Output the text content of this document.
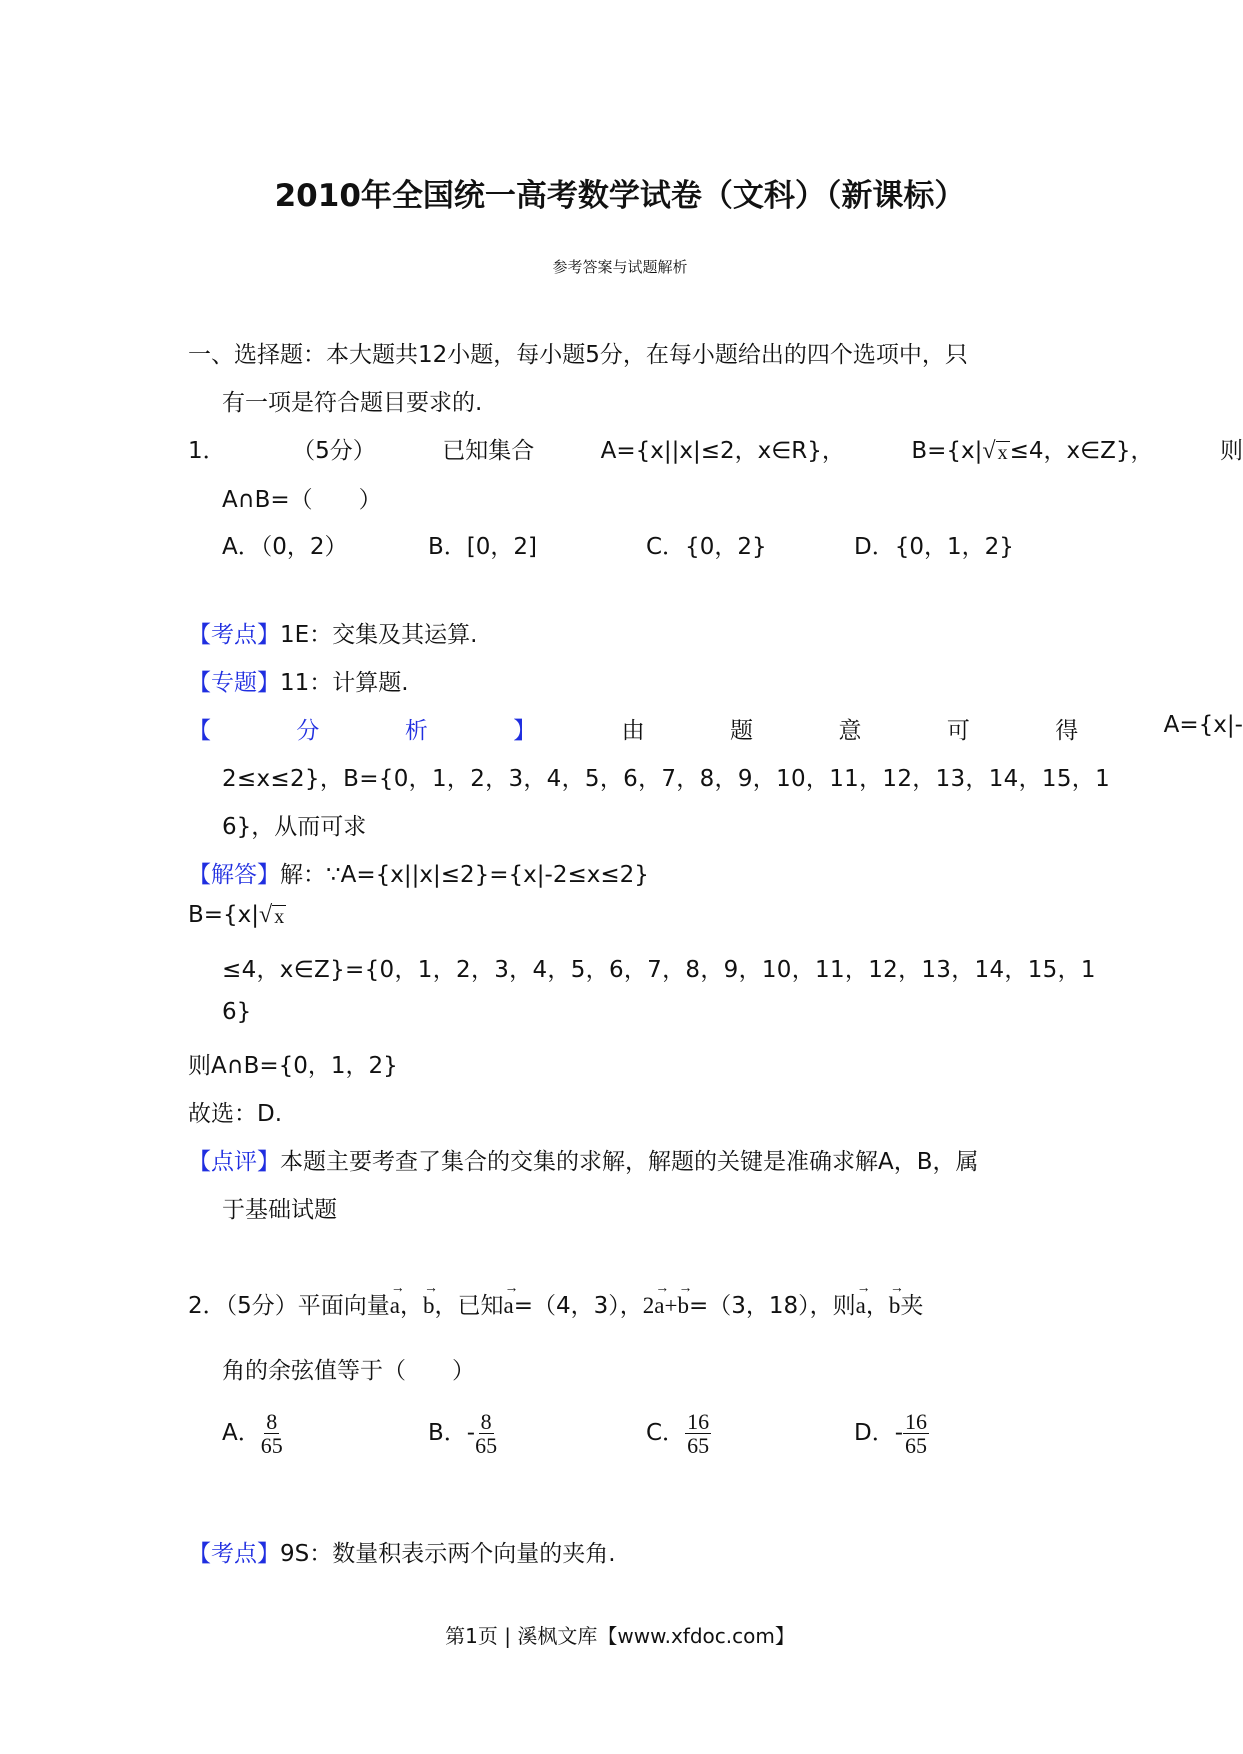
2010年全国统一高考数学试卷（文科）（新课标）
参考答案与试题解析
一、选择题：本大题共12小题，每小题5分，在每小题给出的四个选项中，只
有一项是符合题目要求的.
1．	（5分）	已知集合	A={x||x|≤2，x∈R}，	B={x| √ x ≤4，x∈Z}，	则
A∩B=（　　）
A．（0，2）	B．[0，2]	C．{0，2}	D．{0，1，2}
【考点】1E：交集及其运算.
【专题】11：计算题.
【	分	析	】	由	题	意	可	得	A={x|-
2≤x≤2}，B={0，1，2，3，4，5，6，7，8，9，10，11，12，13，14，15，1
6}，从而可求
【解答】解：∵A={x||x|≤2}={x|-2≤x≤2}
B={x| √ x
≤4，x∈Z}={0，1，2，3，4，5，6，7，8，9，10，11，12，13，14，15，1
6}
则A∩B={0，1，2}
故选：D.
【点评】本题主要考查了集合的交集的求解，解题的关键是准确求解A，B，属
于基础试题
2．（5分）平面向量→ a，→ b，已知→ a=（4，3），2→ a+→ b=（3，18），则→ a，→ b夹
角的余弦值等于（　　）
A． $\frac{8}{65}$	B．- $\frac{8}{65}$	C． $\frac{16}{65}$	D．- $\frac{16}{65}$
【考点】9S：数量积表示两个向量的夹角.
第1页 | 溪枫文库【www.xfdoc.com】
